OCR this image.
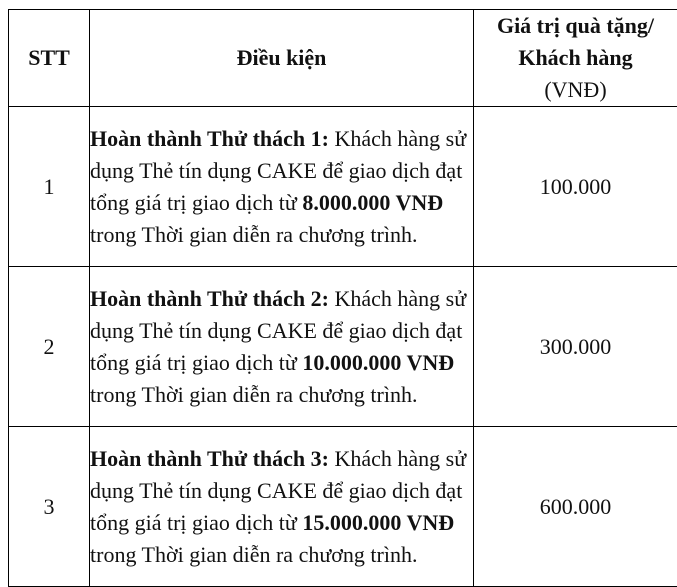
STT	Điều kiện	Giá trị quà tặng/
Khách hàng
(VNĐ)

1	Hoàn thành Thử thách 1: Khách hàng sử dụng Thẻ tín dụng CAKE để giao dịch đạt tổng giá trị giao dịch từ 8.000.000 VNĐ trong Thời gian diễn ra chương trình.	100.000
2	Hoàn thành Thử thách 2: Khách hàng sử dụng Thẻ tín dụng CAKE để giao dịch đạt tổng giá trị giao dịch từ 10.000.000 VNĐ trong Thời gian diễn ra chương trình.	300.000
3	Hoàn thành Thử thách 3: Khách hàng sử dụng Thẻ tín dụng CAKE để giao dịch đạt tổng giá trị giao dịch từ 15.000.000 VNĐ trong Thời gian diễn ra chương trình.	600.000
